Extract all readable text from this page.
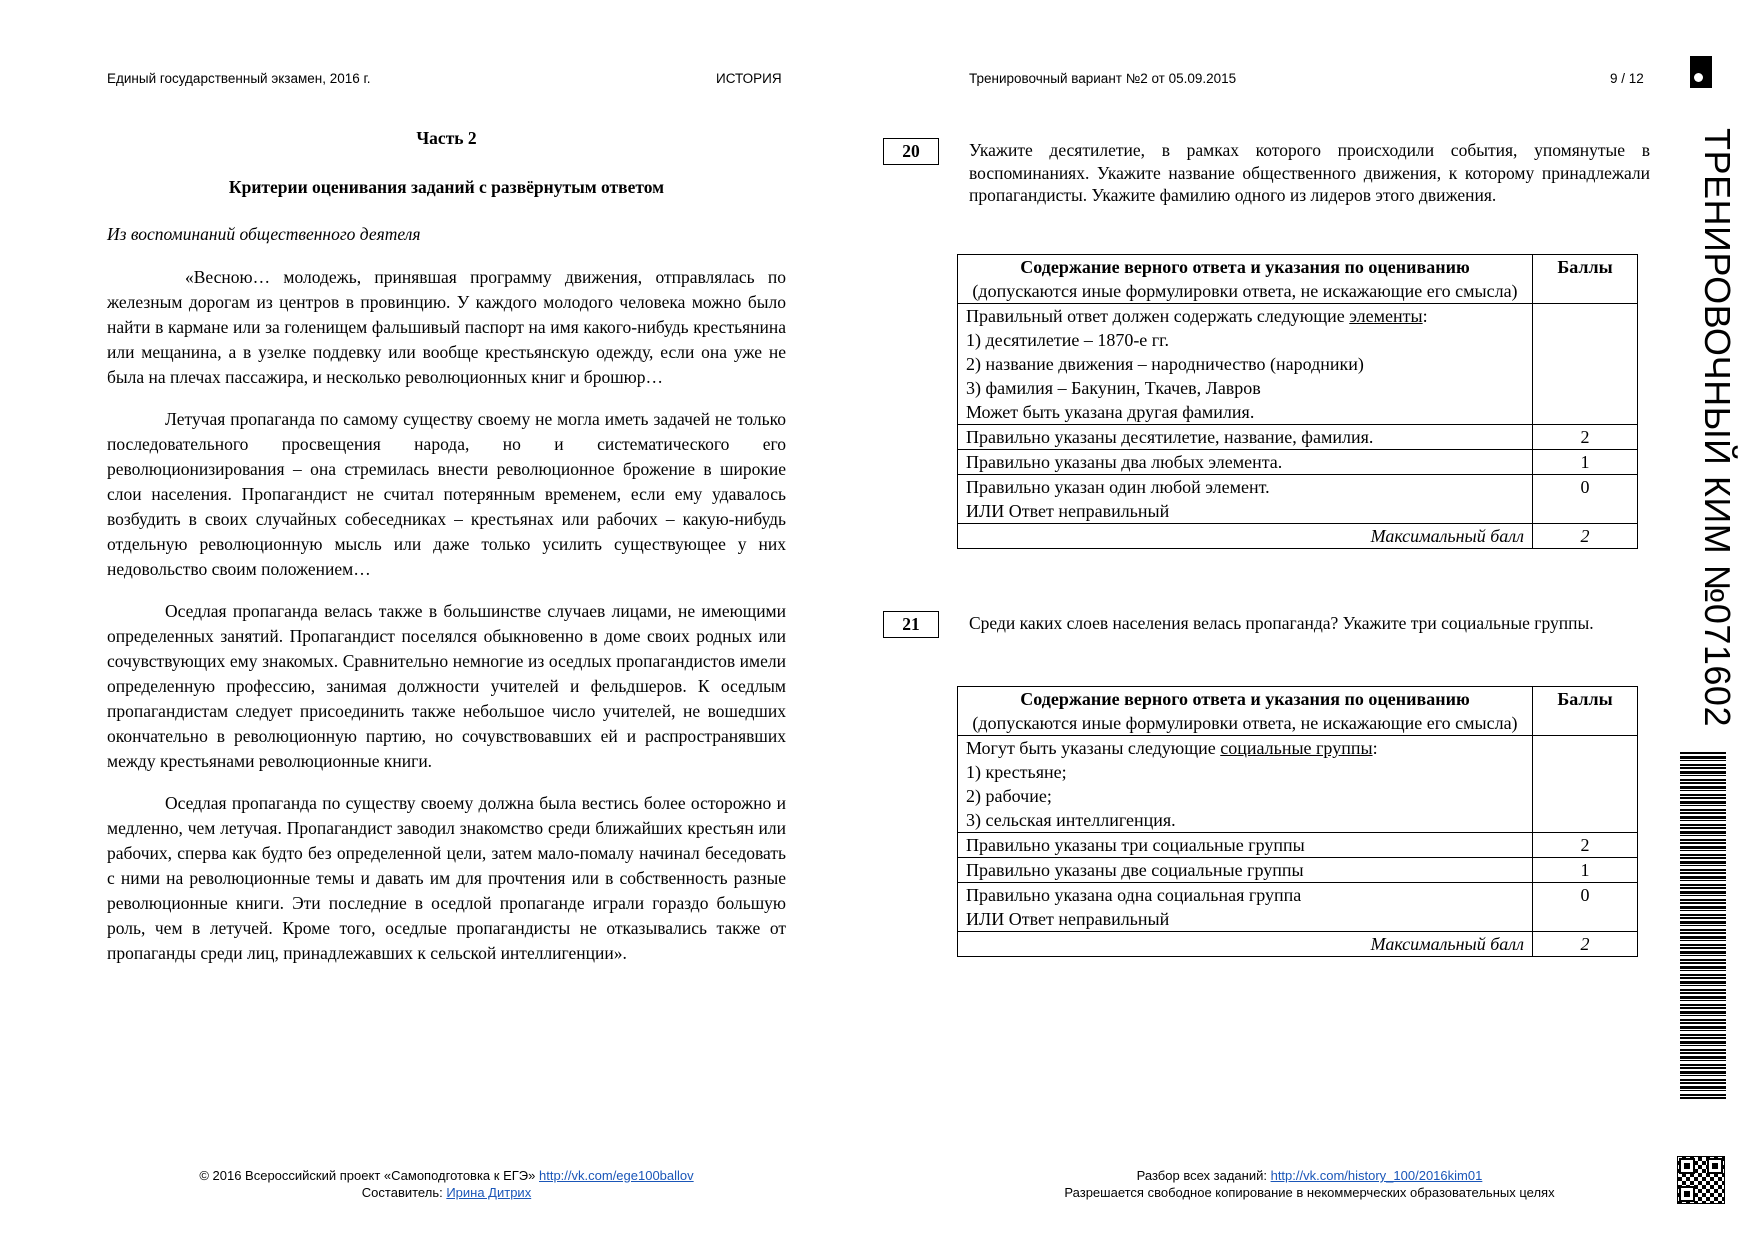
Единый государственный экзамен, 2016 г.	ИСТОРИЯ	Тренировочный вариант №2 от 05.09.2015	9 / 12
Часть 2
Критерии оценивания заданий с развёрнутым ответом
Из воспоминаний общественного деятеля

«Весною… молодежь, принявшая программу движения, отправлялась по железным дорогам из центров в провинцию. У каждого молодого человека можно было найти в кармане или за голенищем фальшивый паспорт на имя какого-нибудь крестьянина или мещанина, а в узелке поддевку или вообще крестьянскую одежду, если она уже не была на плечах пассажира, и несколько революционных книг и брошюр…

Летучая пропаганда по самому существу своему не могла иметь задачей не только последовательного просвещения народа, но и систематического его революционизирования – она стремилась внести революционное брожение в широкие слои населения. Пропагандист не считал потерянным временем, если ему удавалось возбудить в своих случайных собеседниках – крестьянах или рабочих – какую-нибудь отдельную революционную мысль или даже только усилить существующее у них недовольство своим положением…

Оседлая пропаганда велась также в большинстве случаев лицами, не имеющими определенных занятий. Пропагандист поселялся обыкновенно в доме своих родных или сочувствующих ему знакомых. Сравнительно немногие из оседлых пропагандистов имели определенную профессию, занимая должности учителей и фельдшеров. К оседлым пропагандистам следует присоединить также небольшое число учителей, не вошедших окончательно в революционную партию, но сочувствовавших ей и распространявших между крестьянами революционные книги.

Оседлая пропаганда по существу своему должна была вестись более осторожно и медленно, чем летучая. Пропагандист заводил знакомство среди ближайших крестьян или рабочих, сперва как будто без определенной цели, затем мало-помалу начинал беседовать с ними на революционные темы и давать им для прочтения или в собственность разные революционные книги. Эти последние в оседлой пропаганде играли гораздо большую роль, чем в летучей. Кроме того, оседлые пропагандисты не отказывались также от пропаганды среди лиц, принадлежавших к сельской интеллигенции».

20	Укажите десятилетие, в рамках которого происходили события, упомянутые в воспоминаниях. Укажите название общественного движения, к которому принадлежали пропагандисты. Укажите фамилию одного из лидеров этого движения.
Содержание верного ответа и указания по оцениванию
(допускаются иные формулировки ответа, не искажающие его смысла)	Баллы
Правильный ответ должен содержать следующие элементы:
1) десятилетие – 1870-е гг.
2) название движения – народничество (народники)
3) фамилия – Бакунин, Ткачев, Лавров
Может быть указана другая фамилия.	
Правильно указаны десятилетие, название, фамилия.	2
Правильно указаны два любых элемента.	1
Правильно указан один любой элемент.
ИЛИ Ответ неправильный	0
Максимальный балл	2
21	Среди каких слоев населения велась пропаганда? Укажите три социальные группы.
Содержание верного ответа и указания по оцениванию
(допускаются иные формулировки ответа, не искажающие его смысла)	Баллы
Могут быть указаны следующие социальные группы:
1) крестьяне;
2) рабочие;
3) сельская интеллигенция.	
Правильно указаны три социальные группы	2
Правильно указаны две социальные группы	1
Правильно указана одна социальная группа
ИЛИ Ответ неправильный	0
Максимальный балл	2
© 2016 Всероссийский проект «Самоподготовка к ЕГЭ» http://vk.com/ege100ballov
Составитель: Ирина Дитрих
Разбор всех заданий: http://vk.com/history_100/2016kim01
Разрешается свободное копирование в некоммерческих образовательных целях
ТРЕНИРОВОЧНЫЙ КИМ №071602
